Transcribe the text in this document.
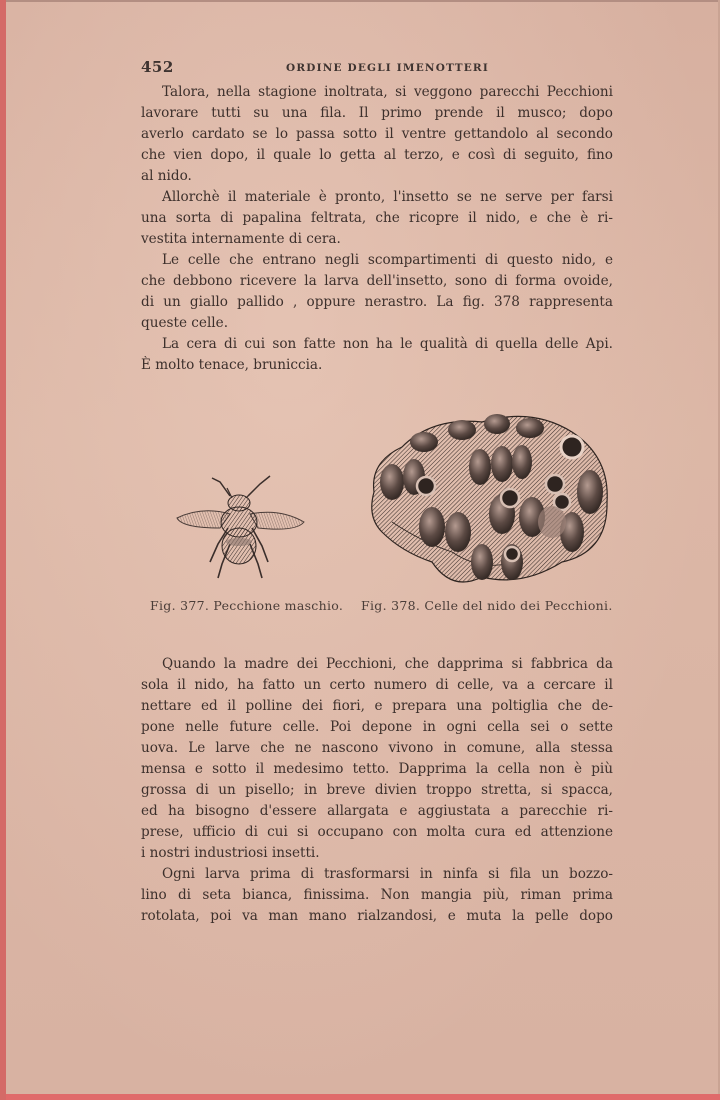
452	ORDINE DEGLI IMENOTTERI
Talora, nella stagione inoltrata, si veggono parecchi Pecchioni
lavorare tutti su una fila. Il primo prende il musco; dopo
averlo cardato se lo passa sotto il ventre gettandolo al secondo
che vien dopo, il quale lo getta al terzo, e così di seguito, fino
al nido.
Allorchè il materiale è pronto, l'insetto se ne serve per farsi
una sorta di papalina feltrata, che ricopre il nido, e che è ri-
vestita internamente di cera.
Le celle che entrano negli scompartimenti di questo nido, e
che debbono ricevere la larva dell'insetto, sono di forma ovoide,
di un giallo pallido , oppure nerastro. La fig. 378 rappresenta
queste celle.
La cera di cui son fatte non ha le qualità di quella delle Api.
È molto tenace, bruniccia.
Fig. 377. Pecchione maschio. Fig. 378. Celle del nido dei Pecchioni.
Quando la madre dei Pecchioni, che dapprima si fabbrica da
sola il nido, ha fatto un certo numero di celle, va a cercare il
nettare ed il polline dei fiori, e prepara una poltiglia che de-
pone nelle future celle. Poi depone in ogni cella sei o sette
uova. Le larve che ne nascono vivono in comune, alla stessa
mensa e sotto il medesimo tetto. Dapprima la cella non è più
grossa di un pisello; in breve divien troppo stretta, si spacca,
ed ha bisogno d'essere allargata e aggiustata a parecchie ri-
prese, ufficio di cui si occupano con molta cura ed attenzione
i nostri industriosi insetti.
Ogni larva prima di trasformarsi in ninfa si fila un bozzo-
lino di seta bianca, finissima. Non mangia più, riman prima
rotolata, poi va man mano rialzandosi, e muta la pelle dopo
